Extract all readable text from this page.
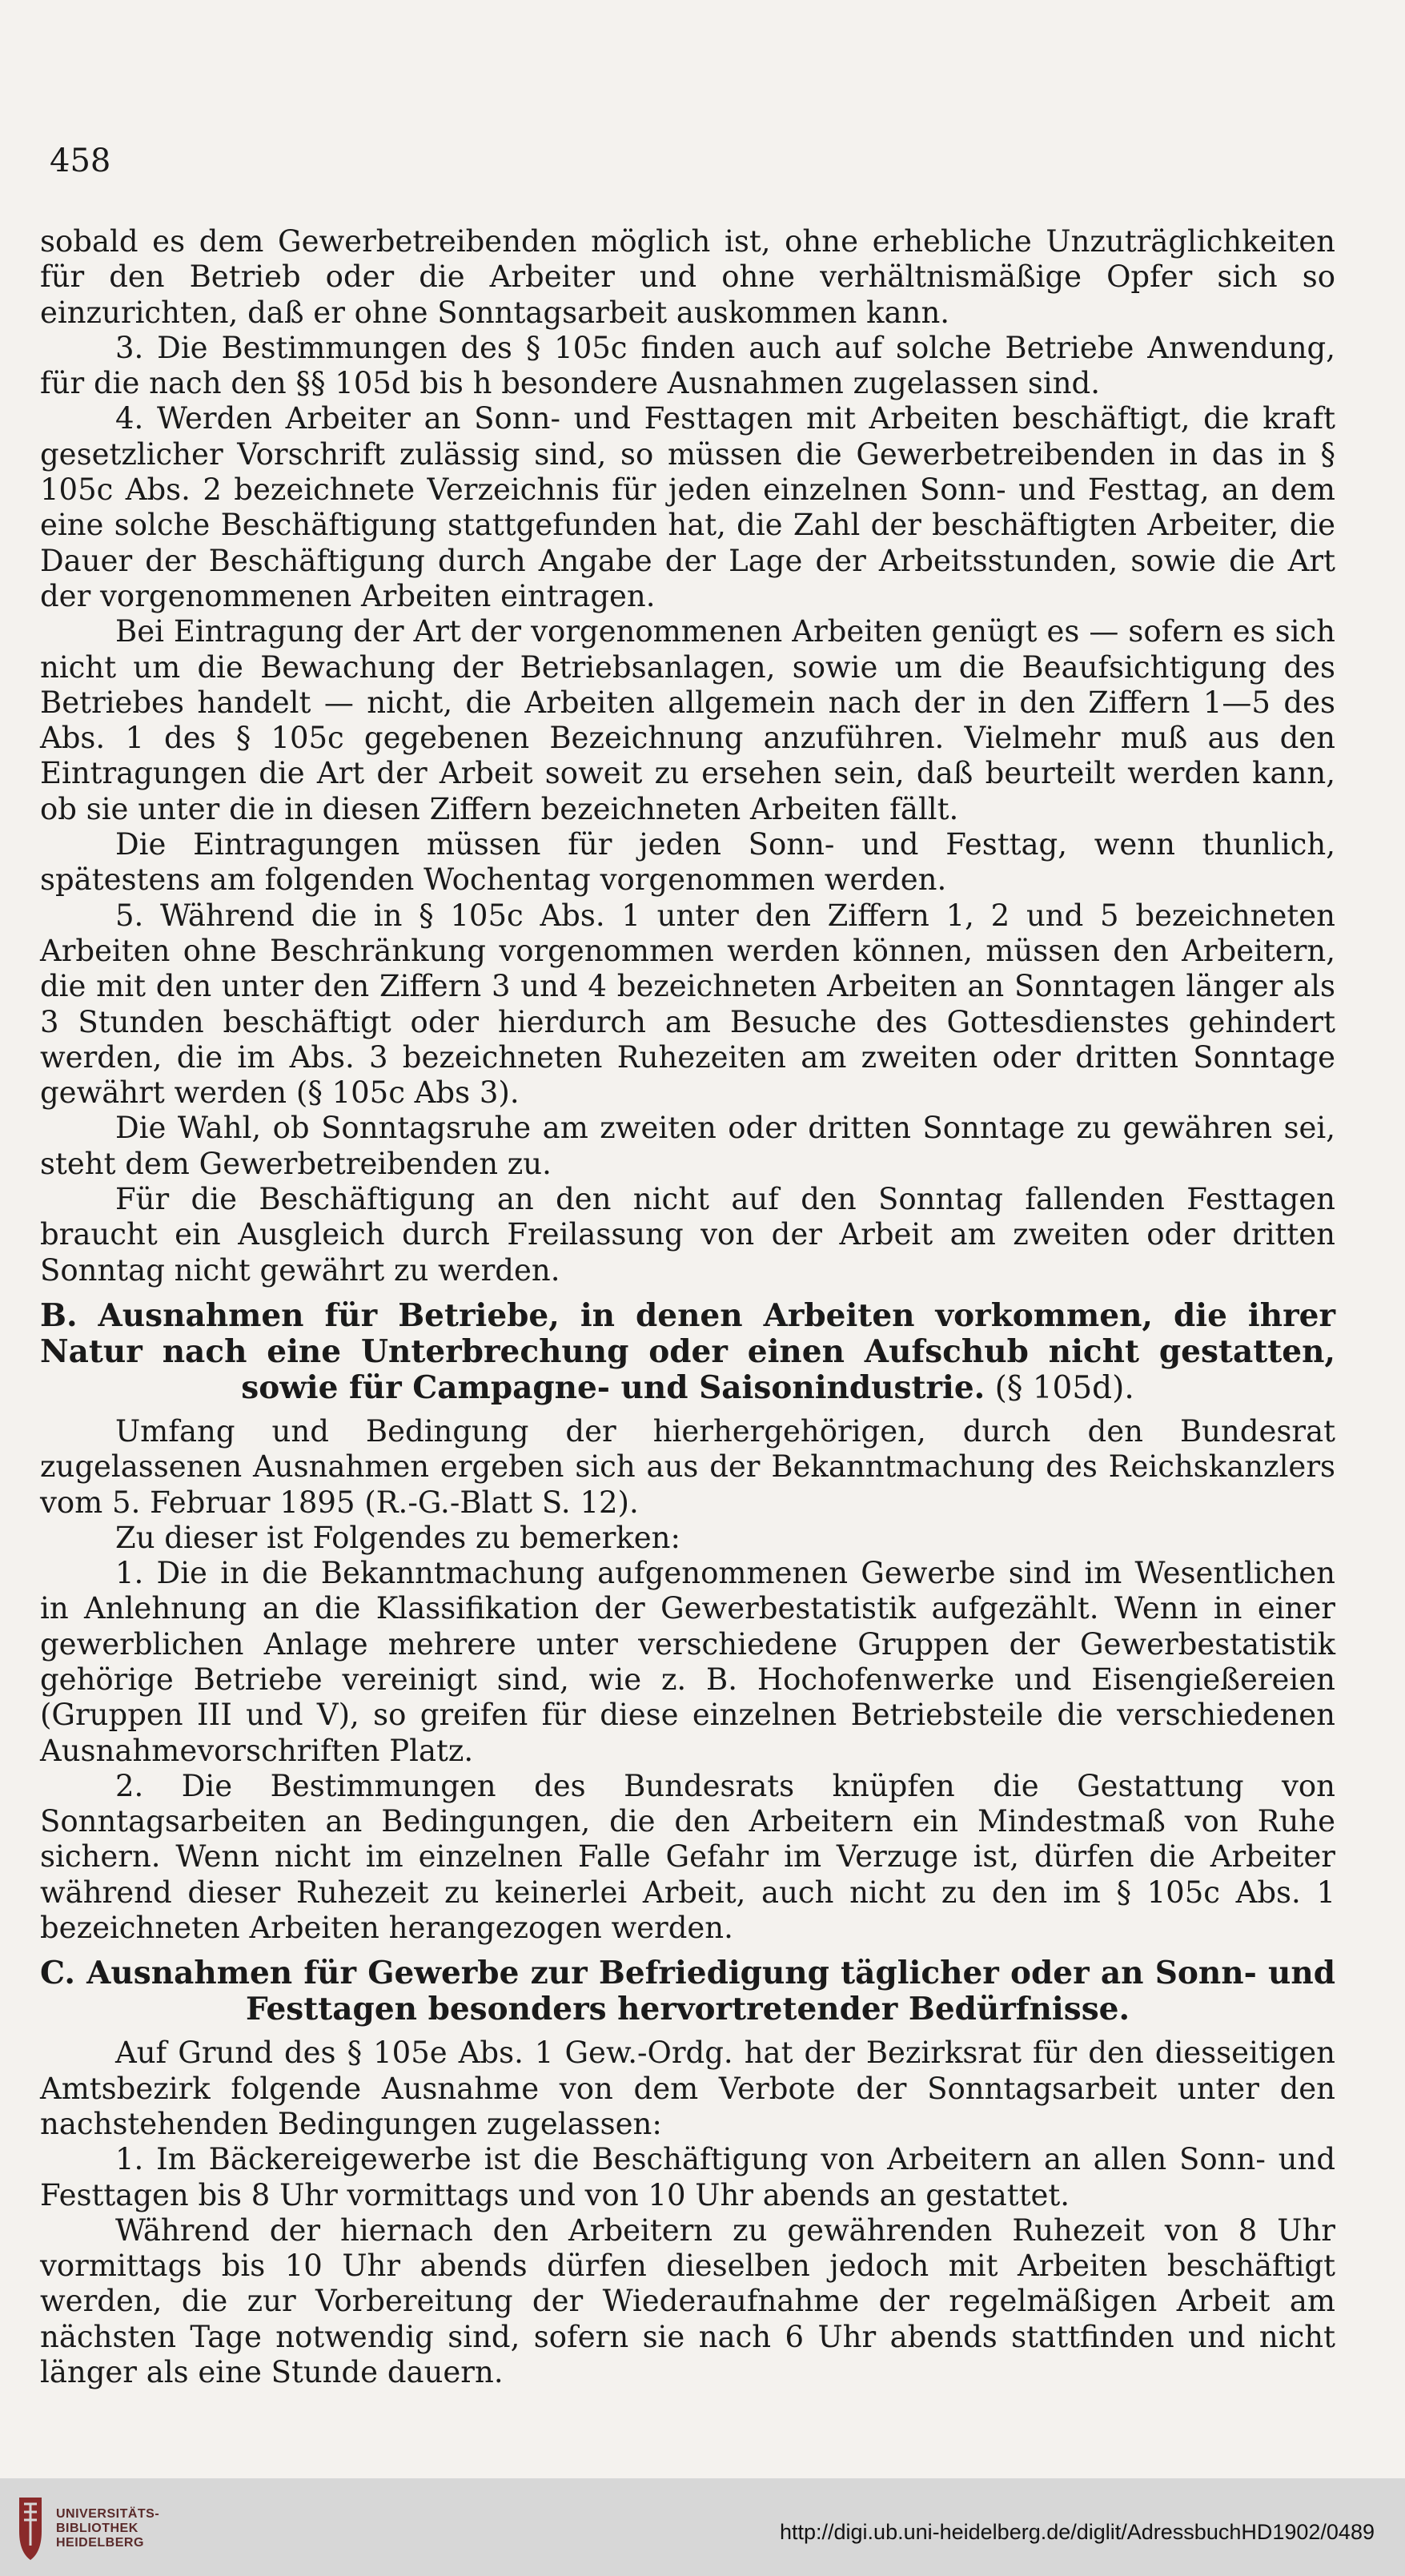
458

sobald es dem Gewerbetreibenden möglich ist, ohne erhebliche Unzuträglichkeiten für den Betrieb oder die Arbeiter und ohne verhältnismäßige Opfer sich so einzurichten, daß er ohne Sonntagsarbeit auskommen kann.

3. Die Bestimmungen des § 105c finden auch auf solche Betriebe Anwendung, für die nach den §§ 105d bis h besondere Ausnahmen zugelassen sind.

4. Werden Arbeiter an Sonn- und Festtagen mit Arbeiten beschäftigt, die kraft gesetzlicher Vorschrift zulässig sind, so müssen die Gewerbetreibenden in das in § 105c Abs. 2 bezeichnete Verzeichnis für jeden einzelnen Sonn- und Festtag, an dem eine solche Beschäftigung stattgefunden hat, die Zahl der beschäftigten Arbeiter, die Dauer der Beschäftigung durch Angabe der Lage der Arbeitsstunden, sowie die Art der vorgenommenen Arbeiten eintragen.

Bei Eintragung der Art der vorgenommenen Arbeiten genügt es — sofern es sich nicht um die Bewachung der Betriebsanlagen, sowie um die Beaufsichtigung des Betriebes handelt — nicht, die Arbeiten allgemein nach der in den Ziffern 1—5 des Abs. 1 des § 105c gegebenen Bezeichnung anzuführen. Vielmehr muß aus den Eintragungen die Art der Arbeit soweit zu ersehen sein, daß beurteilt werden kann, ob sie unter die in diesen Ziffern bezeichneten Arbeiten fällt.

Die Eintragungen müssen für jeden Sonn- und Festtag, wenn thunlich, spätestens am folgenden Wochentag vorgenommen werden.

5. Während die in § 105c Abs. 1 unter den Ziffern 1, 2 und 5 bezeichneten Arbeiten ohne Beschränkung vorgenommen werden können, müssen den Arbeitern, die mit den unter den Ziffern 3 und 4 bezeichneten Arbeiten an Sonntagen länger als 3 Stunden beschäftigt oder hierdurch am Besuche des Gottesdienstes gehindert werden, die im Abs. 3 bezeichneten Ruhezeiten am zweiten oder dritten Sonntage gewährt werden (§ 105c Abs 3).

Die Wahl, ob Sonntagsruhe am zweiten oder dritten Sonntage zu gewähren sei, steht dem Gewerbetreibenden zu.

Für die Beschäftigung an den nicht auf den Sonntag fallenden Festtagen braucht ein Ausgleich durch Freilassung von der Arbeit am zweiten oder dritten Sonntag nicht gewährt zu werden.

B. Ausnahmen für Betriebe, in denen Arbeiten vorkommen, die ihrer Natur nach eine Unterbrechung oder einen Aufschub nicht gestatten, sowie für Campagne- und Saisonindustrie. (§ 105d).

Umfang und Bedingung der hierhergehörigen, durch den Bundesrat zugelassenen Ausnahmen ergeben sich aus der Bekanntmachung des Reichskanzlers vom 5. Februar 1895 (R.-G.-Blatt S. 12).

Zu dieser ist Folgendes zu bemerken:

1. Die in die Bekanntmachung aufgenommenen Gewerbe sind im Wesentlichen in Anlehnung an die Klassifikation der Gewerbestatistik aufgezählt. Wenn in einer gewerblichen Anlage mehrere unter verschiedene Gruppen der Gewerbestatistik gehörige Betriebe vereinigt sind, wie z. B. Hochofenwerke und Eisengießereien (Gruppen III und V), so greifen für diese einzelnen Betriebsteile die verschiedenen Ausnahmevorschriften Platz.

2. Die Bestimmungen des Bundesrats knüpfen die Gestattung von Sonntagsarbeiten an Bedingungen, die den Arbeitern ein Mindestmaß von Ruhe sichern. Wenn nicht im einzelnen Falle Gefahr im Verzuge ist, dürfen die Arbeiter während dieser Ruhezeit zu keinerlei Arbeit, auch nicht zu den im § 105c Abs. 1 bezeichneten Arbeiten herangezogen werden.

C. Ausnahmen für Gewerbe zur Befriedigung täglicher oder an Sonn- und Festtagen besonders hervortretender Bedürfnisse.

Auf Grund des § 105e Abs. 1 Gew.-Ordg. hat der Bezirksrat für den diesseitigen Amtsbezirk folgende Ausnahme von dem Verbote der Sonntagsarbeit unter den nachstehenden Bedingungen zugelassen:

1. Im Bäckereigewerbe ist die Beschäftigung von Arbeitern an allen Sonn- und Festtagen bis 8 Uhr vormittags und von 10 Uhr abends an gestattet.

Während der hiernach den Arbeitern zu gewährenden Ruhezeit von 8 Uhr vormittags bis 10 Uhr abends dürfen dieselben jedoch mit Arbeiten beschäftigt werden, die zur Vorbereitung der Wiederaufnahme der regelmäßigen Arbeit am nächsten Tage notwendig sind, sofern sie nach 6 Uhr abends stattfinden und nicht länger als eine Stunde dauern.

UNIVERSITÄTS-
BIBLIOTHEK
HEIDELBERG	http://digi.ub.uni-heidelberg.de/diglit/AdressbuchHD1902/0489
